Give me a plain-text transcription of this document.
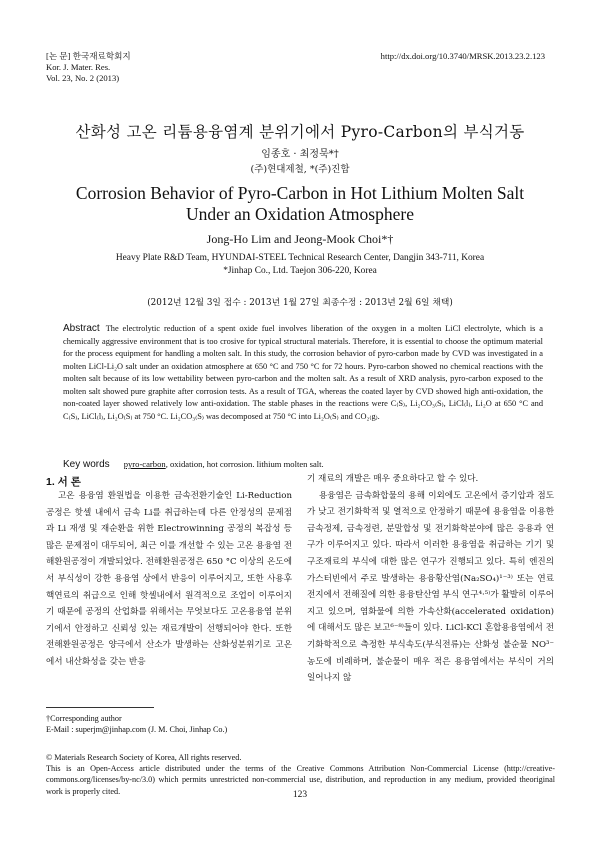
[논 문] 한국재료학회지
Kor. J. Mater. Res.
Vol. 23, No. 2 (2013)
http://dx.doi.org/10.3740/MRSK.2013.23.2.123
산화성 고온 리튬용융염계 분위기에서 Pyro-Carbon의 부식거동
임종호 · 최정묵*†
(주)현대제철, *(주)진합
Corrosion Behavior of Pyro-Carbon in Hot Lithium Molten Salt
Under an Oxidation Atmosphere
Jong-Ho Lim and Jeong-Mook Choi*†
Heavy Plate R&D Team, HYUNDAI-STEEL Technical Research Center, Dangjin 343-711, Korea
*Jinhap Co., Ltd. Taejon 306-220, Korea
(2012년 12월 3일 접수 : 2013년 1월 27일 최종수정 : 2013년 2월 6일 채택)
Abstract The electrolytic reduction of a spent oxide fuel involves liberation of the oxygen in a molten LiCl electrolyte, which is a chemically aggressive environment that is too crosive for typical structural materials. Therefore, it is essential to choose the optimum material for the process equipment for handling a molten salt. In this study, the corrosion behavior of pyro-carbon made by CVD was investigated in a molten LiCl-Li₂O salt under an oxidation atmosphere at 650 °C and 750 °C for 72 hours. Pyro-carbon showed no chemical reactions with the molten salt because of its low wettability between pyro-carbon and the molten salt. As a result of XRD analysis, pyro-carbon exposed to the molten salt showed pure graphite after corrosion tests. As a result of TGA, whereas the coated layer by CVD showed high anti-oxidation, the non-coated layer showed relatively low anti-oxidation. The stable phases in the reactions were C₍S₎, Li₂CO₃₍S₎, LiCl₍l₎, Li₂O at 650 °C and C₍S₎, LiCl₍l₎, Li₂O₍S₎ at 750 °C. Li₂CO₃₍S₎ was decomposed at 750 °C into Li₂O₍S₎ and CO₂₍g₎.
Key words pyro-carbon, oxidation, hot corrosion. lithium molten salt.
1. 서 론

고온 용융염 환원법을 이용한 금속전환기술인 Li-Reduction 공정은 핫셀 내에서 금속 Li를 취급하는데 다른 안정성의 문제점과 Li 재생 및 재순환을 위한 Electrowinning 공정의 복잡성 등 많은 문제점이 대두되어, 최근 이를 개선할 수 있는 고온 용융염 전해환원공정이 개발되었다. 전해환원공정은 650 °C 이상의 온도에서 부식성이 강한 용융염 상에서 반응이 이루어지고, 또한 사용후 핵연료의 취급으로 인해 핫셀내에서 원격적으로 조업이 이루어지기 때문에 공정의 산업화를 위해서는 무엇보다도 고온용융염 분위기에서 안정하고 신뢰성 있는 재료개발이 선행되어야 한다. 또한 전해환원공정은 양극에서 산소가 발생하는 산화성분위기로 고온에서 내산화성을 갖는 반응

기 재료의 개발은 매우 중요하다고 할 수 있다.

용융염은 금속화합물의 용해 이외에도 고온에서 증기압과 점도가 낮고 전기화학적 및 열적으로 안정하기 때문에 용융염을 이용한 금속정제, 금속정련, 분말합성 및 전기화학분야에 많은 응용과 연구가 이루어지고 있다. 따라서 이러한 용융염을 취급하는 기기 및 구조재료의 부식에 대한 많은 연구가 진행되고 있다. 특히 엔진의 가스터빈에서 주로 발생하는 용융황산염(Na₂SO₄)¹⁻³⁾ 또는 연료전지에서 전해질에 의한 용융탄산염 부식 연구⁴·⁵⁾가 활발히 이루어지고 있으며, 염화물에 의한 가속산화(accelerated oxidation)에 대해서도 많은 보고⁶⁻⁸⁾들이 있다. LiCl-KCl 혼합용융염에서 전기화학적으로 측정한 부식속도(부식전류)는 산화성 불순물 NO³⁻ 농도에 비례하며, 불순물이 매우 적은 용융염에서는 부식이 거의 일어나지 않

†Corresponding author
E-Mail : superjm@jinhap.com (J. M. Choi, Jinhap Co.)
© Materials Research Society of Korea, All rights reserved.
This is an Open-Access article distributed under the terms of the Creative Commons Attribution Non-Commercial License (http://creative-commons.org/licenses/by-nc/3.0) which permits unrestricted non-commercial use, distribution, and reproduction in any medium, provided theoriginal work is properly cited.	123
